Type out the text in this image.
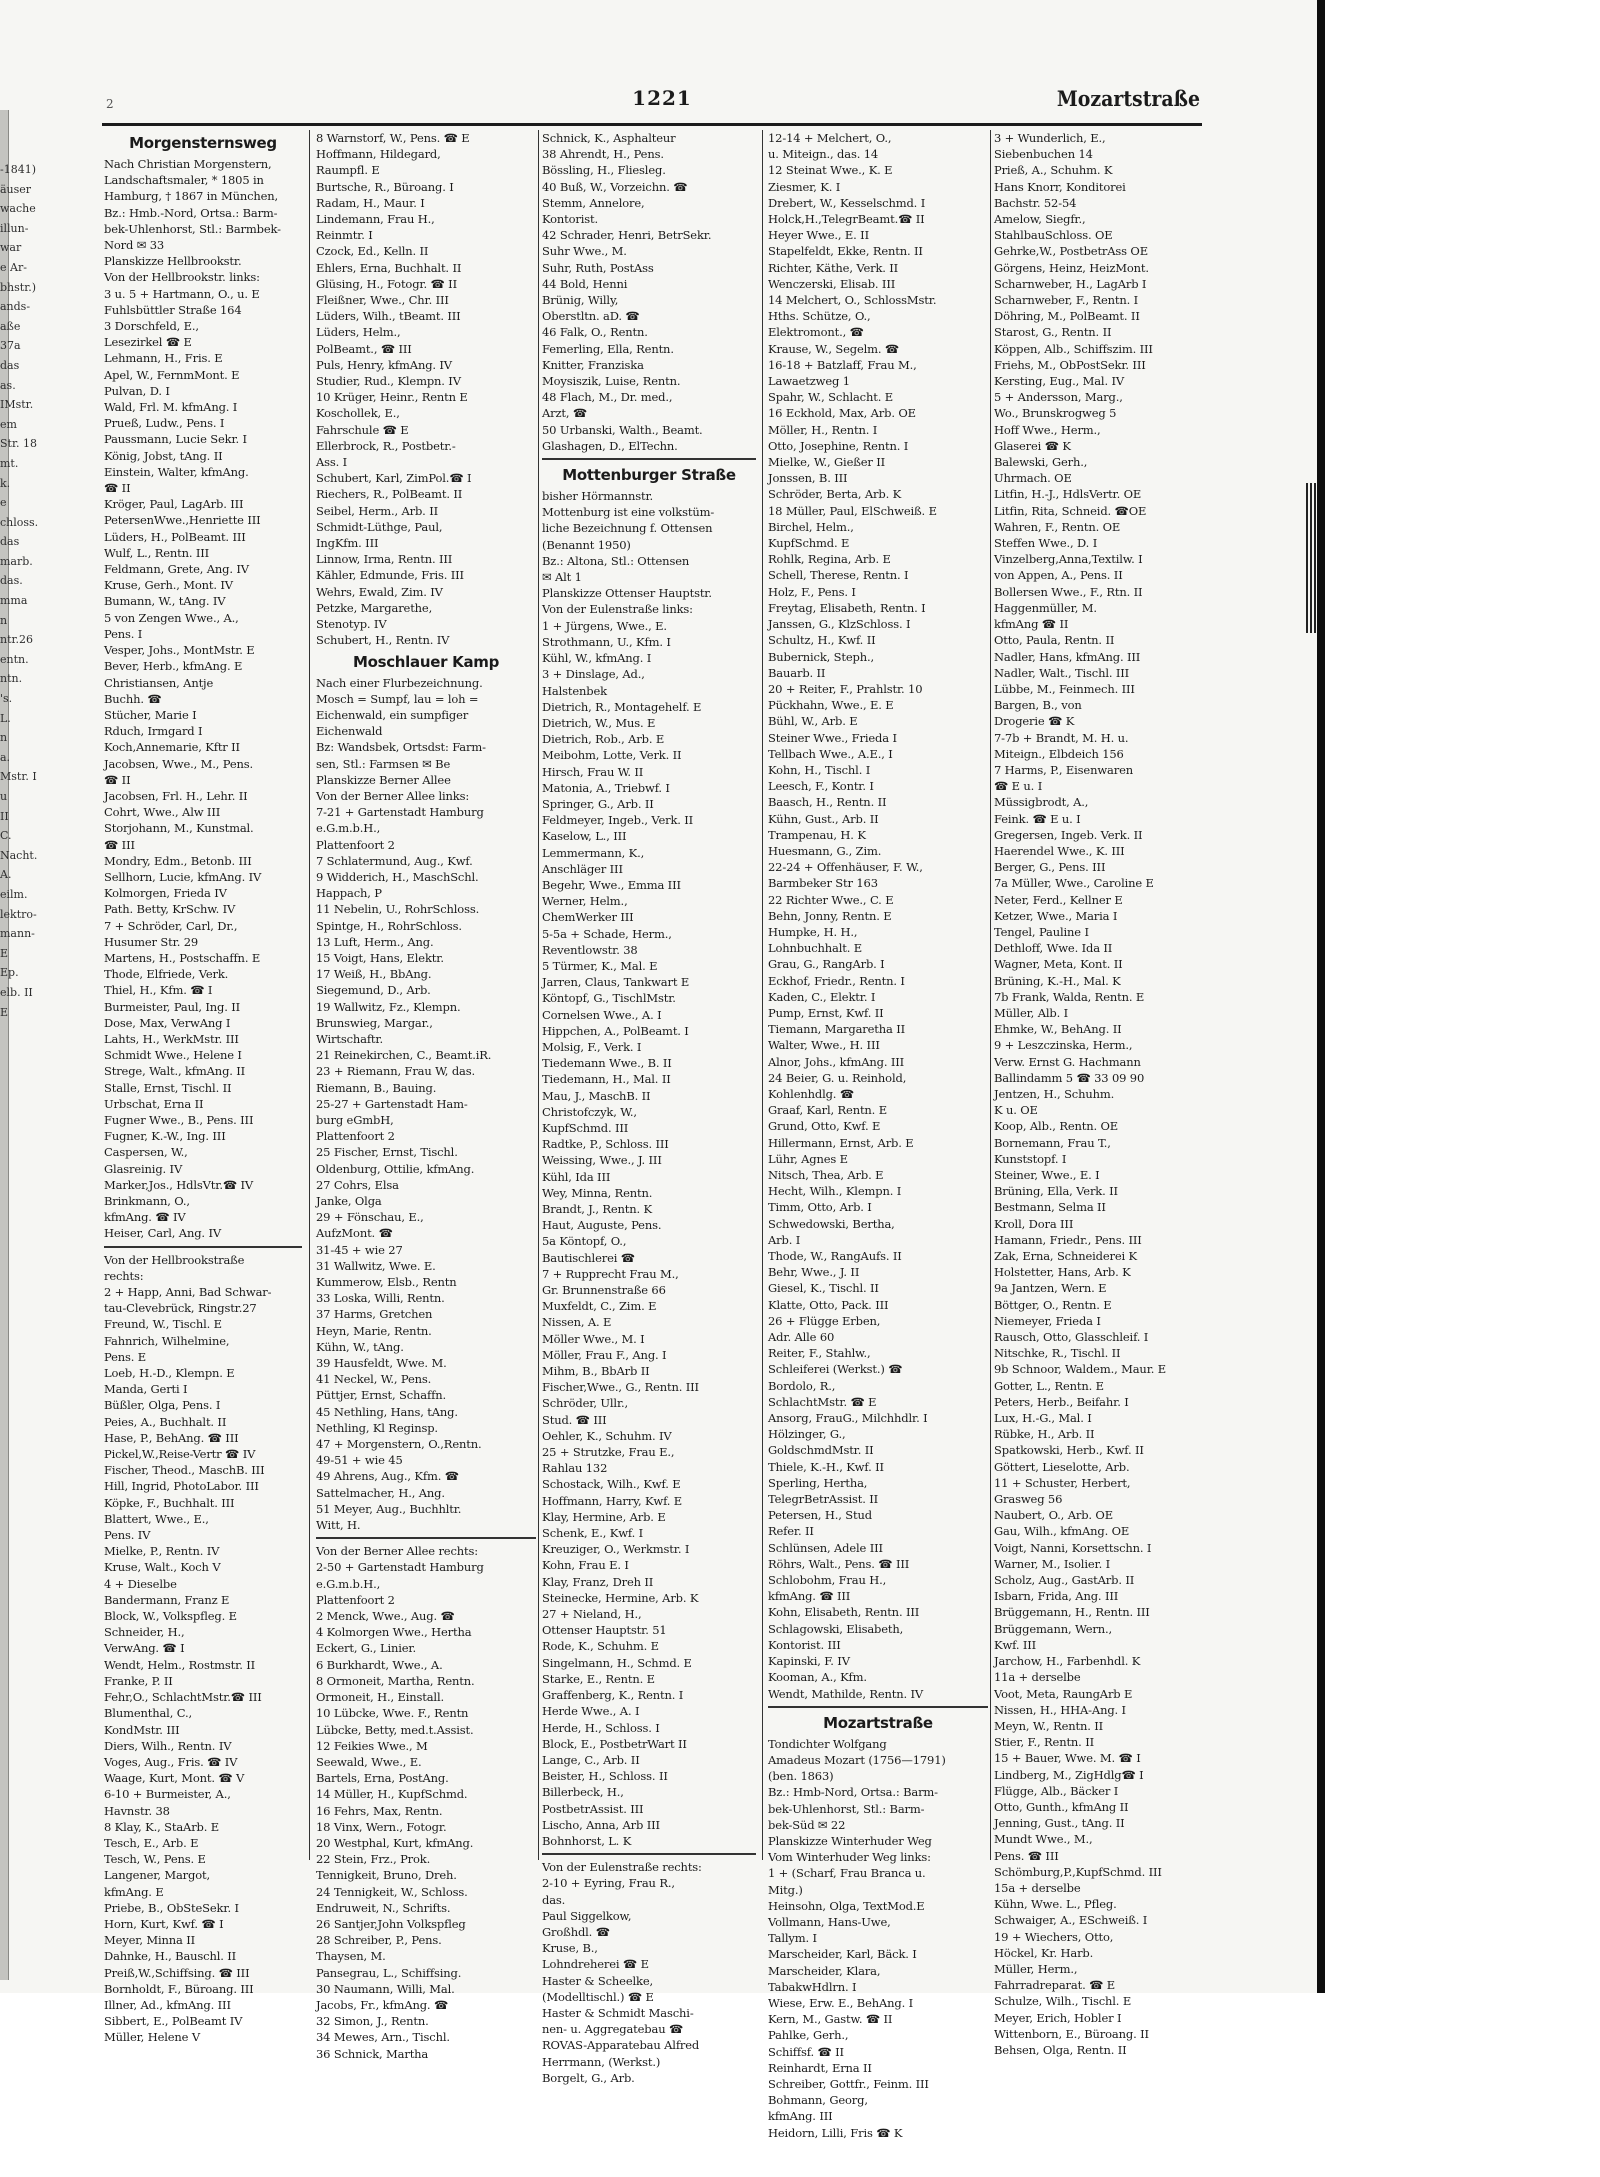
-1841)
äuser
wache
illun-
war
e Ar-
bhstr.)
ands-
aße
37a
das
as.
IMstr.
em
Str. 18
mt.
k.
e
chloss.
das
marb.
das.
mma
n
ntr.26
entn.
ntn.
's.
L.
n
a.
Mstr. I
u
II
C.
Nacht.
A.
eilm.
lektro-
mann-
E
Ep.
elb. II
E
2	1221	Mozartstraße
Morgensternsweg
Nach Christian Morgenstern,
Landschaftsmaler, * 1805 in
Hamburg, † 1867 in München,
Bz.: Hmb.-Nord, Ortsa.: Barm-
bek-Uhlenhorst, Stl.: Barmbek-
Nord ✉ 33
Planskizze Hellbrookstr.
Von der Hellbrookstr. links:
3 u. 5 + Hartmann, O., u. E
Fuhlsbüttler Straße 164
3 Dorschfeld, E.,
Lesezirkel ☎ E
Lehmann, H., Fris. E
Apel, W., FernmMont. E
Pulvan, D. I
Wald, Frl. M. kfmAng. I
Prueß, Ludw., Pens. I
Paussmann, Lucie Sekr. I
König, Jobst, tAng. II
Einstein, Walter, kfmAng.
☎ II
Kröger, Paul, LagArb. III
PetersenWwe.,Henriette III
Lüders, H., PolBeamt. III
Wulf, L., Rentn. III
Feldmann, Grete, Ang. IV
Kruse, Gerh., Mont. IV
Bumann, W., tAng. IV
5 von Zengen Wwe., A.,
Pens. I
Vesper, Johs., MontMstr. E
Bever, Herb., kfmAng. E
Christiansen, Antje
Buchh. ☎
Stücher, Marie I
Rduch, Irmgard I
Koch,Annemarie, Kftr II
Jacobsen, Wwe., M., Pens.
☎ II
Jacobsen, Frl. H., Lehr. II
Cohrt, Wwe., Alw III
Storjohann, M., Kunstmal.
☎ III
Mondry, Edm., Betonb. III
Sellhorn, Lucie, kfmAng. IV
Kolmorgen, Frieda IV
Path. Betty, KrSchw. IV
7 + Schröder, Carl, Dr.,
Husumer Str. 29
Martens, H., Postschaffn. E
Thode, Elfriede, Verk.
Thiel, H., Kfm. ☎ I
Burmeister, Paul, Ing. II
Dose, Max, VerwAng I
Lahts, H., WerkMstr. III
Schmidt Wwe., Helene I
Strege, Walt., kfmAng. II
Stalle, Ernst, Tischl. II
Urbschat, Erna II
Fugner Wwe., B., Pens. III
Fugner, K.-W., Ing. III
Caspersen, W.,
Glasreinig. IV
Marker,Jos., HdlsVtr.☎ IV
Brinkmann, O.,
kfmAng. ☎ IV
Heiser, Carl, Ang. IV
Von der Hellbrookstraße
rechts:
2 + Happ, Anni, Bad Schwar-
tau-Clevebrück, Ringstr.27
Freund, W., Tischl. E
Fahnrich, Wilhelmine,
Pens. E
Loeb, H.-D., Klempn. E
Manda, Gerti I
Büßler, Olga, Pens. I
Peies, A., Buchhalt. II
Hase, P., BehAng. ☎ III
Pickel,W.,Reise-Vertr ☎ IV
Fischer, Theod., MaschB. III
Hill, Ingrid, PhotoLabor. III
Köpke, F., Buchhalt. III
Blattert, Wwe., E.,
Pens. IV
Mielke, P., Rentn. IV
Kruse, Walt., Koch V
4 + Dieselbe
Bandermann, Franz E
Block, W., Volkspfleg. E
Schneider, H.,
VerwAng. ☎ I
Wendt, Helm., Rostmstr. II
Franke, P. II
Fehr,O., SchlachtMstr.☎ III
Blumenthal, C.,
KondMstr. III
Diers, Wilh., Rentn. IV
Voges, Aug., Fris. ☎ IV
Waage, Kurt, Mont. ☎ V
6-10 + Burmeister, A.,
Havnstr. 38
8 Klay, K., StaArb. E
Tesch, E., Arb. E
Tesch, W., Pens. E
Langener, Margot,
kfmAng. E
Priebe, B., ObSteSekr. I
Horn, Kurt, Kwf. ☎ I
Meyer, Minna II
Dahnke, H., Bauschl. II
Preiß,W.,Schiffsing. ☎ III
Bornholdt, F., Büroang. III
Illner, Ad., kfmAng. III
Sibbert, E., PolBeamt IV
Müller, Helene V
8 Warnstorf, W., Pens. ☎ E
Hoffmann, Hildegard,
Raumpfl. E
Burtsche, R., Büroang. I
Radam, H., Maur. I
Lindemann, Frau H.,
Reinmtr. I
Czock, Ed., Kelln. II
Ehlers, Erna, Buchhalt. II
Glüsing, H., Fotogr. ☎ II
Fleißner, Wwe., Chr. III
Lüders, Wilh., tBeamt. III
Lüders, Helm.,
PolBeamt., ☎ III
Puls, Henry, kfmAng. IV
Studier, Rud., Klempn. IV
10 Krüger, Heinr., Rentn E
Koschollek, E.,
Fahrschule ☎ E
Ellerbrock, R., Postbetr.-
Ass. I
Schubert, Karl, ZimPol.☎ I
Riechers, R., PolBeamt. II
Seibel, Herm., Arb. II
Schmidt-Lüthge, Paul,
IngKfm. III
Linnow, Irma, Rentn. III
Kähler, Edmunde, Fris. III
Wehrs, Ewald, Zim. IV
Petzke, Margarethe,
Stenotyp. IV
Schubert, H., Rentn. IV
Moschlauer Kamp
Nach einer Flurbezeichnung.
Mosch = Sumpf, lau = loh =
Eichenwald, ein sumpfiger
Eichenwald
Bz: Wandsbek, Ortsdst: Farm-
sen, Stl.: Farmsen ✉ Be
Planskizze Berner Allee
Von der Berner Allee links:
7-21 + Gartenstadt Hamburg
e.G.m.b.H.,
Plattenfoort 2
7 Schlatermund, Aug., Kwf.
9 Widderich, H., MaschSchl.
Happach, P
11 Nebelin, U., RohrSchloss.
Spintge, H., RohrSchloss.
13 Luft, Herm., Ang.
15 Voigt, Hans, Elektr.
17 Weiß, H., BbAng.
Siegemund, D., Arb.
19 Wallwitz, Fz., Klempn.
Brunswieg, Margar.,
Wirtschaftr.
21 Reinekirchen, C., Beamt.iR.
23 + Riemann, Frau W, das.
Riemann, B., Bauing.
25-27 + Gartenstadt Ham-
burg eGmbH,
Plattenfoort 2
25 Fischer, Ernst, Tischl.
Oldenburg, Ottilie, kfmAng.
27 Cohrs, Elsa
Janke, Olga
29 + Fönschau, E.,
AufzMont. ☎
31-45 + wie 27
31 Wallwitz, Wwe. E.
Kummerow, Elsb., Rentn
33 Loska, Willi, Rentn.
37 Harms, Gretchen
Heyn, Marie, Rentn.
Kühn, W., tAng.
39 Hausfeldt, Wwe. M.
41 Neckel, W., Pens.
Püttjer, Ernst, Schaffn.
45 Nethling, Hans, tAng.
Nethling, Kl Reginsp.
47 + Morgenstern, O.,Rentn.
49-51 + wie 45
49 Ahrens, Aug., Kfm. ☎
Sattelmacher, H., Ang.
51 Meyer, Aug., Buchhltr.
Witt, H.
Von der Berner Allee rechts:
2-50 + Gartenstadt Hamburg
e.G.m.b.H.,
Plattenfoort 2
2 Menck, Wwe., Aug. ☎
4 Kolmorgen Wwe., Hertha
Eckert, G., Linier.
6 Burkhardt, Wwe., A.
8 Ormoneit, Martha, Rentn.
Ormoneit, H., Einstall.
10 Lübcke, Wwe. F., Rentn
Lübcke, Betty, med.t.Assist.
12 Feikies Wwe., M
Seewald, Wwe., E.
Bartels, Erna, PostAng.
14 Müller, H., KupfSchmd.
16 Fehrs, Max, Rentn.
18 Vinx, Wern., Fotogr.
20 Westphal, Kurt, kfmAng.
22 Stein, Frz., Prok.
Tennigkeit, Bruno, Dreh.
24 Tennigkeit, W., Schloss.
Endruweit, N., Schrifts.
26 Santjer,John Volkspfleg
28 Schreiber, P., Pens.
Thaysen, M.
Pansegrau, L., Schiffsing.
30 Naumann, Willi, Mal.
Jacobs, Fr., kfmAng. ☎
32 Simon, J., Rentn.
34 Mewes, Arn., Tischl.
36 Schnick, Martha
Schnick, K., Asphalteur
38 Ahrendt, H., Pens.
Bössling, H., Fliesleg.
40 Buß, W., Vorzeichn. ☎
Stemm, Annelore,
Kontorist.
42 Schrader, Henri, BetrSekr.
Suhr Wwe., M.
Suhr, Ruth, PostAss
44 Bold, Henni
Brünig, Willy,
Oberstltn. aD. ☎
46 Falk, O., Rentn.
Femerling, Ella, Rentn.
Knitter, Franziska
Moysiszik, Luise, Rentn.
48 Flach, M., Dr. med.,
Arzt, ☎
50 Urbanski, Walth., Beamt.
Glashagen, D., ElTechn.
Mottenburger Straße
bisher Hörmannstr.
Mottenburg ist eine volkstüm-
liche Bezeichnung f. Ottensen
(Benannt 1950)
Bz.: Altona, Stl.: Ottensen
✉ Alt 1
Planskizze Ottenser Hauptstr.
Von der Eulenstraße links:
1 + Jürgens, Wwe., E.
Strothmann, U., Kfm. I
Kühl, W., kfmAng. I
3 + Dinslage, Ad.,
Halstenbek
Dietrich, R., Montagehelf. E
Dietrich, W., Mus. E
Dietrich, Rob., Arb. E
Meibohm, Lotte, Verk. II
Hirsch, Frau W. II
Matonia, A., Triebwf. I
Springer, G., Arb. II
Feldmeyer, Ingeb., Verk. II
Kaselow, L., III
Lemmermann, K.,
Anschläger III
Begehr, Wwe., Emma III
Werner, Helm.,
ChemWerker III
5-5a + Schade, Herm.,
Reventlowstr. 38
5 Türmer, K., Mal. E
Jarren, Claus, Tankwart E
Köntopf, G., TischlMstr.
Cornelsen Wwe., A. I
Hippchen, A., PolBeamt. I
Molsig, F., Verk. I
Tiedemann Wwe., B. II
Tiedemann, H., Mal. II
Mau, J., MaschB. II
Christofczyk, W.,
KupfSchmd. III
Radtke, P., Schloss. III
Weissing, Wwe., J. III
Kühl, Ida III
Wey, Minna, Rentn.
Brandt, J., Rentn. K
Haut, Auguste, Pens.
5a Köntopf, O.,
Bautischlerei ☎
7 + Rupprecht Frau M.,
Gr. Brunnenstraße 66
Muxfeldt, C., Zim. E
Nissen, A. E
Möller Wwe., M. I
Möller, Frau F., Ang. I
Mihm, B., BbArb II
Fischer,Wwe., G., Rentn. III
Schröder, Ullr.,
Stud. ☎ III
Oehler, K., Schuhm. IV
25 + Strutzke, Frau E.,
Rahlau 132
Schostack, Wilh., Kwf. E
Hoffmann, Harry, Kwf. E
Klay, Hermine, Arb. E
Schenk, E., Kwf. I
Kreuziger, O., Werkmstr. I
Kohn, Frau E. I
Klay, Franz, Dreh II
Steinecke, Hermine, Arb. K
27 + Nieland, H.,
Ottenser Hauptstr. 51
Rode, K., Schuhm. E
Singelmann, H., Schmd. E
Starke, E., Rentn. E
Graffenberg, K., Rentn. I
Herde Wwe., A. I
Herde, H., Schloss. I
Block, E., PostbetrWart II
Lange, C., Arb. II
Beister, H., Schloss. II
Billerbeck, H.,
PostbetrAssist. III
Lischo, Anna, Arb III
Bohnhorst, L. K
Von der Eulenstraße rechts:
2-10 + Eyring, Frau R.,
das.
Paul Siggelkow,
Großhdl. ☎
Kruse, B.,
Lohndreherei ☎ E
Haster & Scheelke,
(Modelltischl.) ☎ E
Haster & Schmidt Maschi-
nen- u. Aggregatebau ☎
ROVAS-Apparatebau Alfred
Herrmann, (Werkst.)
Borgelt, G., Arb.
12-14 + Melchert, O.,
u. Miteign., das. 14
12 Steinat Wwe., K. E
Ziesmer, K. I
Drebert, W., Kesselschmd. I
Holck,H.,TelegrBeamt.☎ II
Heyer Wwe., E. II
Stapelfeldt, Ekke, Rentn. II
Richter, Käthe, Verk. II
Wenczerski, Elisab. III
14 Melchert, O., SchlossMstr.
Hths. Schütze, O.,
Elektromont., ☎
Krause, W., Segelm. ☎
16-18 + Batzlaff, Frau M.,
Lawaetzweg 1
Spahr, W., Schlacht. E
16 Eckhold, Max, Arb. OE
Möller, H., Rentn. I
Otto, Josephine, Rentn. I
Mielke, W., Gießer II
Jonssen, B. III
Schröder, Berta, Arb. K
18 Müller, Paul, ElSchweiß. E
Birchel, Helm.,
KupfSchmd. E
Rohlk, Regina, Arb. E
Schell, Therese, Rentn. I
Holz, F., Pens. I
Freytag, Elisabeth, Rentn. I
Janssen, G., KlzSchloss. I
Schultz, H., Kwf. II
Bubernick, Steph.,
Bauarb. II
20 + Reiter, F., Prahlstr. 10
Pückhahn, Wwe., E. E
Bühl, W., Arb. E
Steiner Wwe., Frieda I
Tellbach Wwe., A.E., I
Kohn, H., Tischl. I
Leesch, F., Kontr. I
Baasch, H., Rentn. II
Kühn, Gust., Arb. II
Trampenau, H. K
Huesmann, G., Zim.
22-24 + Offenhäuser, F. W.,
Barmbeker Str 163
22 Richter Wwe., C. E
Behn, Jonny, Rentn. E
Humpke, H. H.,
Lohnbuchhalt. E
Grau, G., RangArb. I
Eckhof, Friedr., Rentn. I
Kaden, C., Elektr. I
Pump, Ernst, Kwf. II
Tiemann, Margaretha II
Walter, Wwe., H. III
Alnor, Johs., kfmAng. III
24 Beier, G. u. Reinhold,
Kohlenhdlg. ☎
Graaf, Karl, Rentn. E
Grund, Otto, Kwf. E
Hillermann, Ernst, Arb. E
Lühr, Agnes E
Nitsch, Thea, Arb. E
Hecht, Wilh., Klempn. I
Timm, Otto, Arb. I
Schwedowski, Bertha,
Arb. I
Thode, W., RangAufs. II
Behr, Wwe., J. II
Giesel, K., Tischl. II
Klatte, Otto, Pack. III
26 + Flügge Erben,
Adr. Alle 60
Reiter, F., Stahlw.,
Schleiferei (Werkst.) ☎
Bordolo, R.,
SchlachtMstr. ☎ E
Ansorg, FrauG., Milchhdlr. I
Hölzinger, G.,
GoldschmdMstr. II
Thiele, K.-H., Kwf. II
Sperling, Hertha,
TelegrBetrAssist. II
Petersen, H., Stud
Refer. II
Schlünsen, Adele III
Röhrs, Walt., Pens. ☎ III
Schlobohm, Frau H.,
kfmAng. ☎ III
Kohn, Elisabeth, Rentn. III
Schlagowski, Elisabeth,
Kontorist. III
Kapinski, F. IV
Kooman, A., Kfm.
Wendt, Mathilde, Rentn. IV
Mozartstraße
Tondichter Wolfgang
Amadeus Mozart (1756—1791)
(ben. 1863)
Bz.: Hmb-Nord, Ortsa.: Barm-
bek-Uhlenhorst, Stl.: Barm-
bek-Süd ✉ 22
Planskizze Winterhuder Weg
Vom Winterhuder Weg links:
1 + (Scharf, Frau Branca u.
Mitg.)
Heinsohn, Olga, TextMod.E
Vollmann, Hans-Uwe,
Tallym. I
Marscheider, Karl, Bäck. I
Marscheider, Klara,
TabakwHdlrn. I
Wiese, Erw. E., BehAng. I
Kern, M., Gastw. ☎ II
Pahlke, Gerh.,
Schiffsf. ☎ II
Reinhardt, Erna II
Schreiber, Gottfr., Feinm. III
Bohmann, Georg,
kfmAng. III
Heidorn, Lilli, Fris ☎ K
3 + Wunderlich, E.,
Siebenbuchen 14
Prieß, A., Schuhm. K
Hans Knorr, Konditorei
Bachstr. 52-54
Amelow, Siegfr.,
StahlbauSchloss. OE
Gehrke,W., PostbetrAss OE
Görgens, Heinz, HeizMont.
Scharnweber, H., LagArb I
Scharnweber, F., Rentn. I
Döhring, M., PolBeamt. II
Starost, G., Rentn. II
Köppen, Alb., Schiffszim. III
Friehs, M., ObPostSekr. III
Kersting, Eug., Mal. IV
5 + Andersson, Marg.,
Wo., Brunskrogweg 5
Hoff Wwe., Herm.,
Glaserei ☎ K
Balewski, Gerh.,
Uhrmach. OE
Litfin, H.-J., HdlsVertr. OE
Litfin, Rita, Schneid. ☎OE
Wahren, F., Rentn. OE
Steffen Wwe., D. I
Vinzelberg,Anna,Textilw. I
von Appen, A., Pens. II
Bollersen Wwe., F., Rtn. II
Haggenmüller, M.
kfmAng ☎ II
Otto, Paula, Rentn. II
Nadler, Hans, kfmAng. III
Nadler, Walt., Tischl. III
Lübbe, M., Feinmech. III
Bargen, B., von
Drogerie ☎ K
7-7b + Brandt, M. H. u.
Miteign., Elbdeich 156
7 Harms, P., Eisenwaren
☎ E u. I
Müssigbrodt, A.,
Feink. ☎ E u. I
Gregersen, Ingeb. Verk. II
Haerendel Wwe., K. III
Berger, G., Pens. III
7a Müller, Wwe., Caroline E
Neter, Ferd., Kellner E
Ketzer, Wwe., Maria I
Tengel, Pauline I
Dethloff, Wwe. Ida II
Wagner, Meta, Kont. II
Brüning, K.-H., Mal. K
7b Frank, Walda, Rentn. E
Müller, Alb. I
Ehmke, W., BehAng. II
9 + Leszczinska, Herm.,
Verw. Ernst G. Hachmann
Ballindamm 5 ☎ 33 09 90
Jentzen, H., Schuhm.
K u. OE
Koop, Alb., Rentn. OE
Bornemann, Frau T.,
Kunststopf. I
Steiner, Wwe., E. I
Brüning, Ella, Verk. II
Bestmann, Selma II
Kroll, Dora III
Hamann, Friedr., Pens. III
Zak, Erna, Schneiderei K
Holstetter, Hans, Arb. K
9a Jantzen, Wern. E
Böttger, O., Rentn. E
Niemeyer, Frieda I
Rausch, Otto, Glasschleif. I
Nitschke, R., Tischl. II
9b Schnoor, Waldem., Maur. E
Gotter, L., Rentn. E
Peters, Herb., Beifahr. I
Lux, H.-G., Mal. I
Rübke, H., Arb. II
Spatkowski, Herb., Kwf. II
Göttert, Lieselotte, Arb.
11 + Schuster, Herbert,
Grasweg 56
Naubert, O., Arb. OE
Gau, Wilh., kfmAng. OE
Voigt, Nanni, Korsettschn. I
Warner, M., Isolier. I
Scholz, Aug., GastArb. II
Isbarn, Frida, Ang. III
Brüggemann, H., Rentn. III
Brüggemann, Wern.,
Kwf. III
Jarchow, H., Farbenhdl. K
11a + derselbe
Voot, Meta, RaungArb E
Nissen, H., HHA-Ang. I
Meyn, W., Rentn. II
Stier, F., Rentn. II
15 + Bauer, Wwe. M. ☎ I
Lindberg, M., ZigHdlg☎ I
Flügge, Alb., Bäcker I
Otto, Gunth., kfmAng II
Jenning, Gust., tAng. II
Mundt Wwe., M.,
Pens. ☎ III
Schömburg,P.,KupfSchmd. III
15a + derselbe
Kühn, Wwe. L., Pfleg.
Schwaiger, A., ESchweiß. I
19 + Wiechers, Otto,
Höckel, Kr. Harb.
Müller, Herm.,
Fahrradreparat. ☎ E
Schulze, Wilh., Tischl. E
Meyer, Erich, Hobler I
Wittenborn, E., Büroang. II
Behsen, Olga, Rentn. II
